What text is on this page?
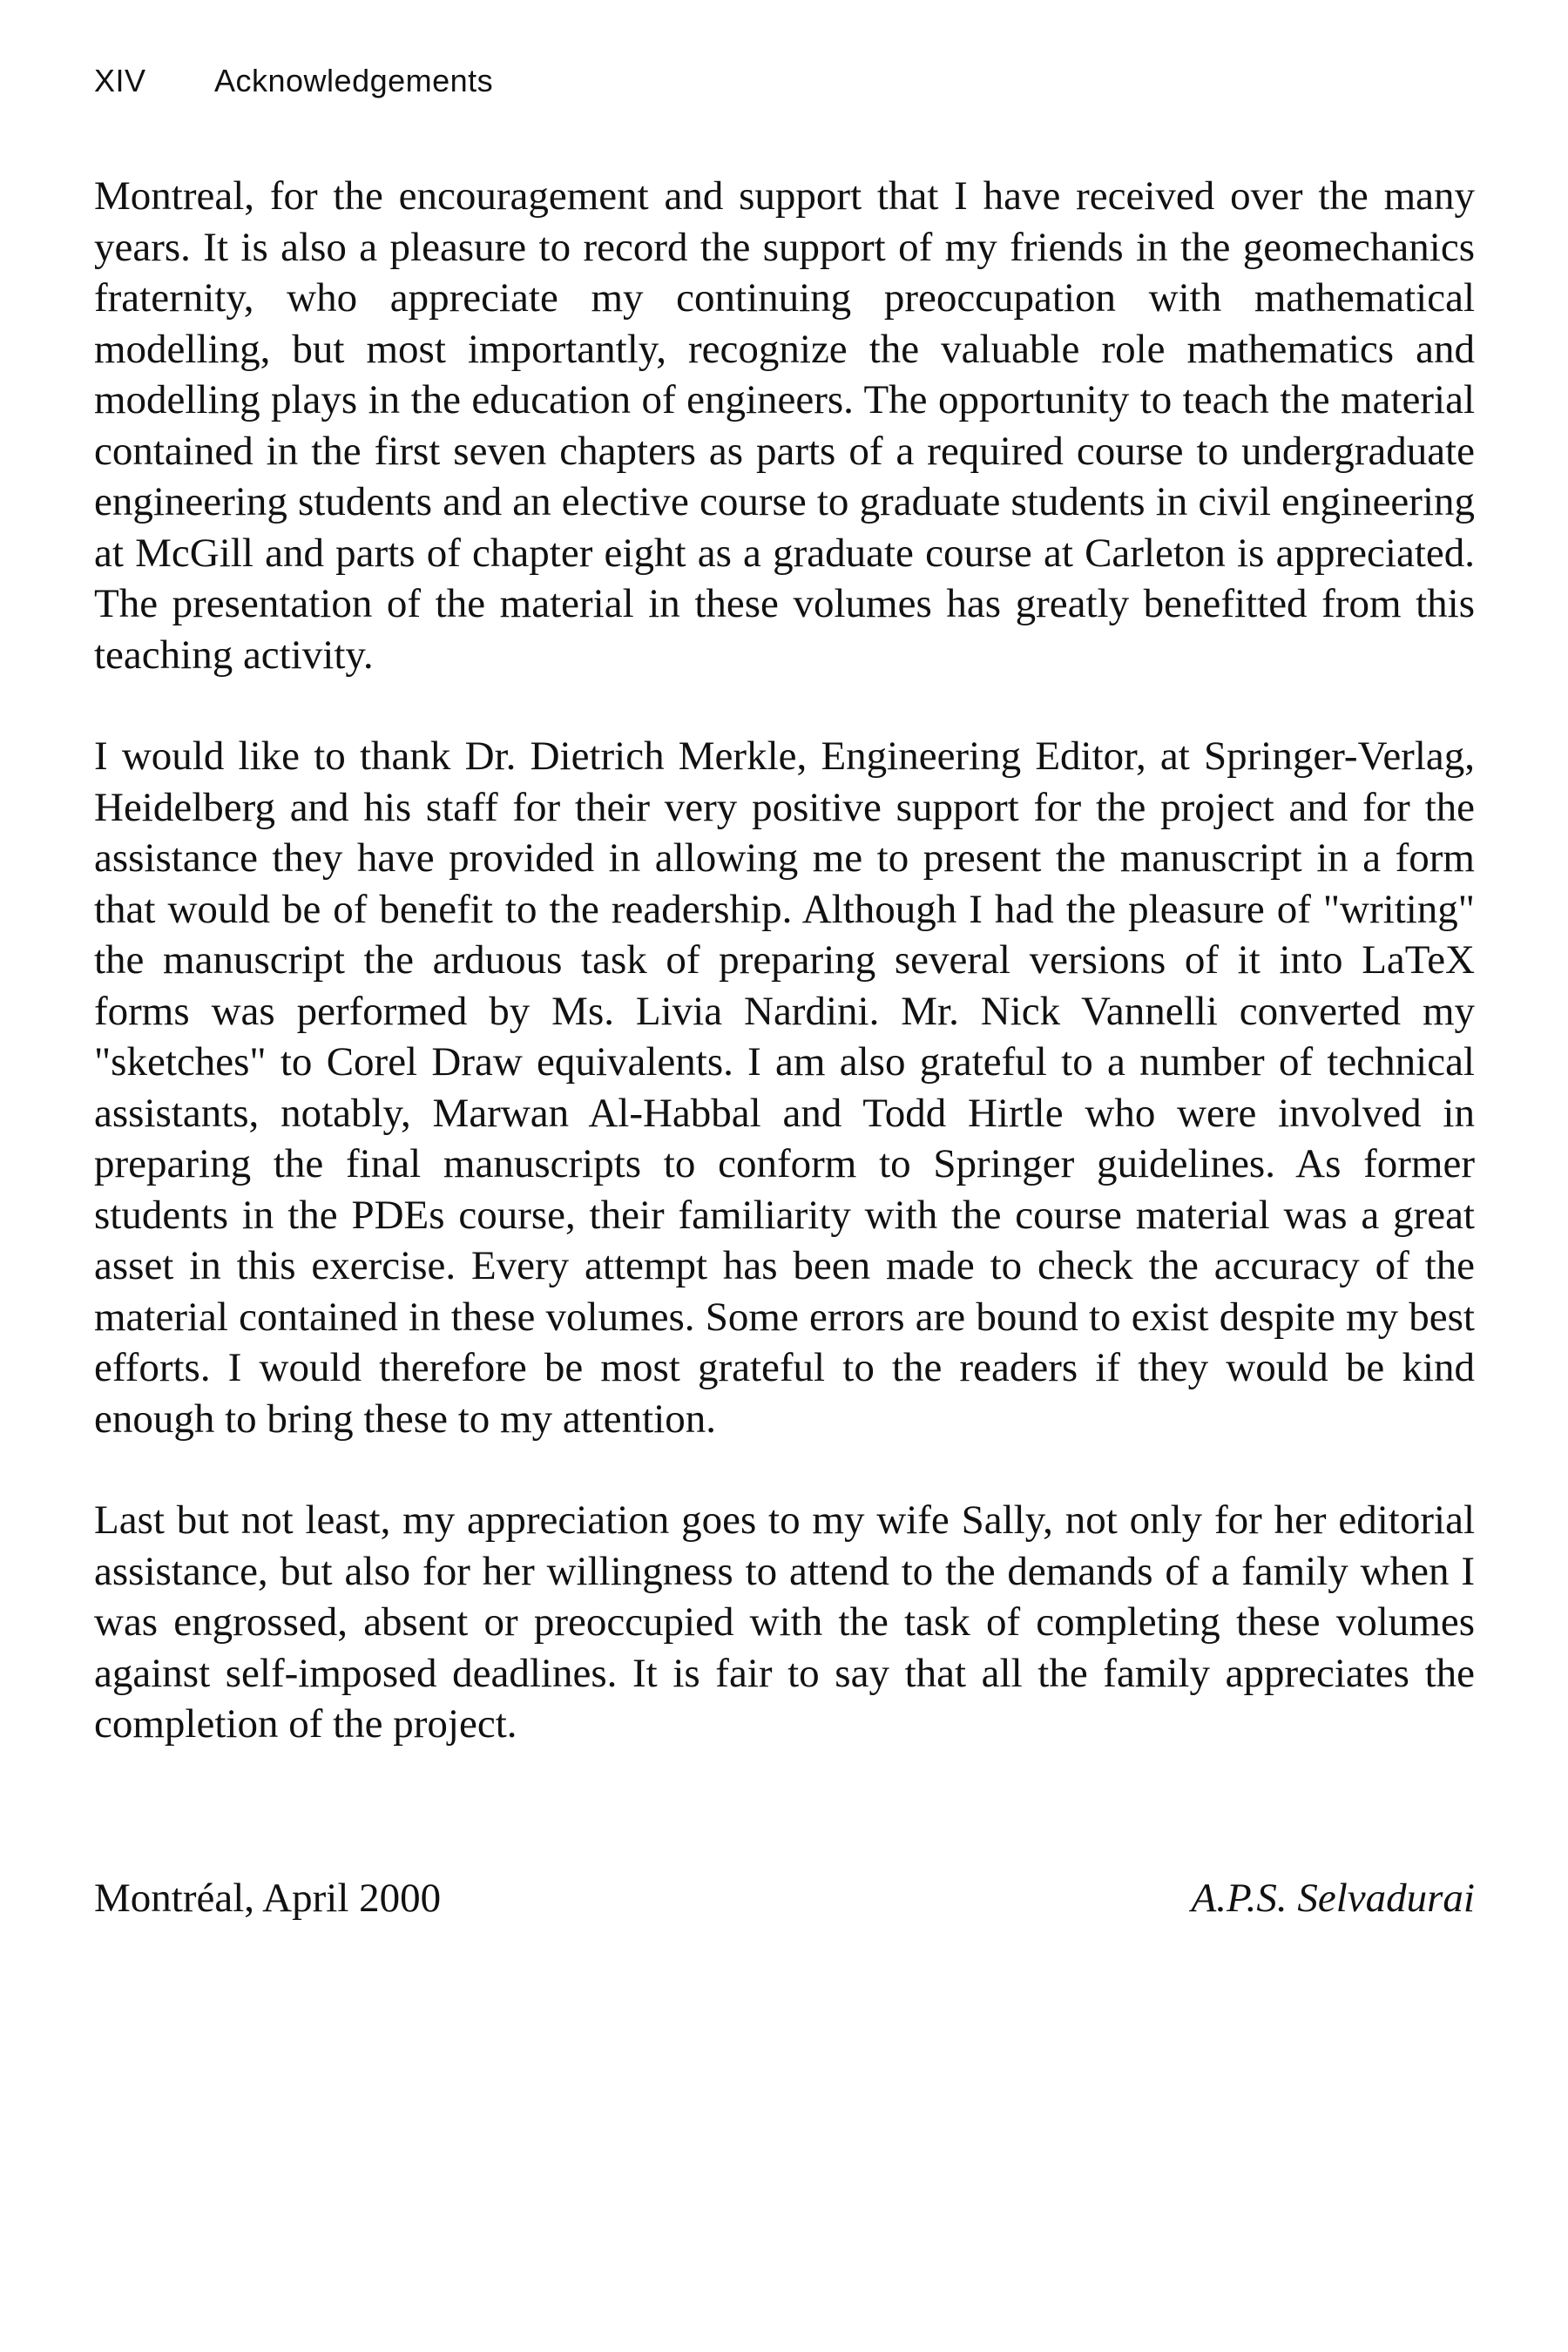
XIV Acknowledgements

Montreal, for the encouragement and support that I have received over the many years. It is also a pleasure to record the support of my friends in the geomechanics fraternity, who appreciate my continuing preoccupation with mathematical modelling, but most importantly, recognize the valuable role mathematics and modelling plays in the education of engineers. The opportunity to teach the material contained in the first seven chapters as parts of a required course to undergraduate engineering students and an elective course to graduate students in civil engineering at McGill and parts of chapter eight as a graduate course at Carleton is appreciated. The presentation of the material in these volumes has greatly benefitted from this teaching activity.

I would like to thank Dr. Dietrich Merkle, Engineering Editor, at Springer-Verlag, Heidelberg and his staff for their very positive support for the project and for the assistance they have provided in allowing me to present the manuscript in a form that would be of benefit to the readership. Although I had the pleasure of "writing" the manuscript the arduous task of preparing several versions of it into LaTeX forms was performed by Ms. Livia Nardini. Mr. Nick Vannelli converted my "sketches" to Corel Draw equivalents. I am also grateful to a number of technical assistants, notably, Marwan Al-Habbal and Todd Hirtle who were involved in preparing the final manuscripts to conform to Springer guidelines. As former students in the PDEs course, their familiarity with the course material was a great asset in this exercise. Every attempt has been made to check the accuracy of the material contained in these volumes. Some errors are bound to exist despite my best efforts. I would therefore be most grateful to the readers if they would be kind enough to bring these to my attention.

Last but not least, my appreciation goes to my wife Sally, not only for her editorial assistance, but also for her willingness to attend to the demands of a family when I was engrossed, absent or preoccupied with the task of completing these volumes against self-imposed deadlines. It is fair to say that all the family appreciates the completion of the project.

Montréal, April 2000	A.P.S. Selvadurai
